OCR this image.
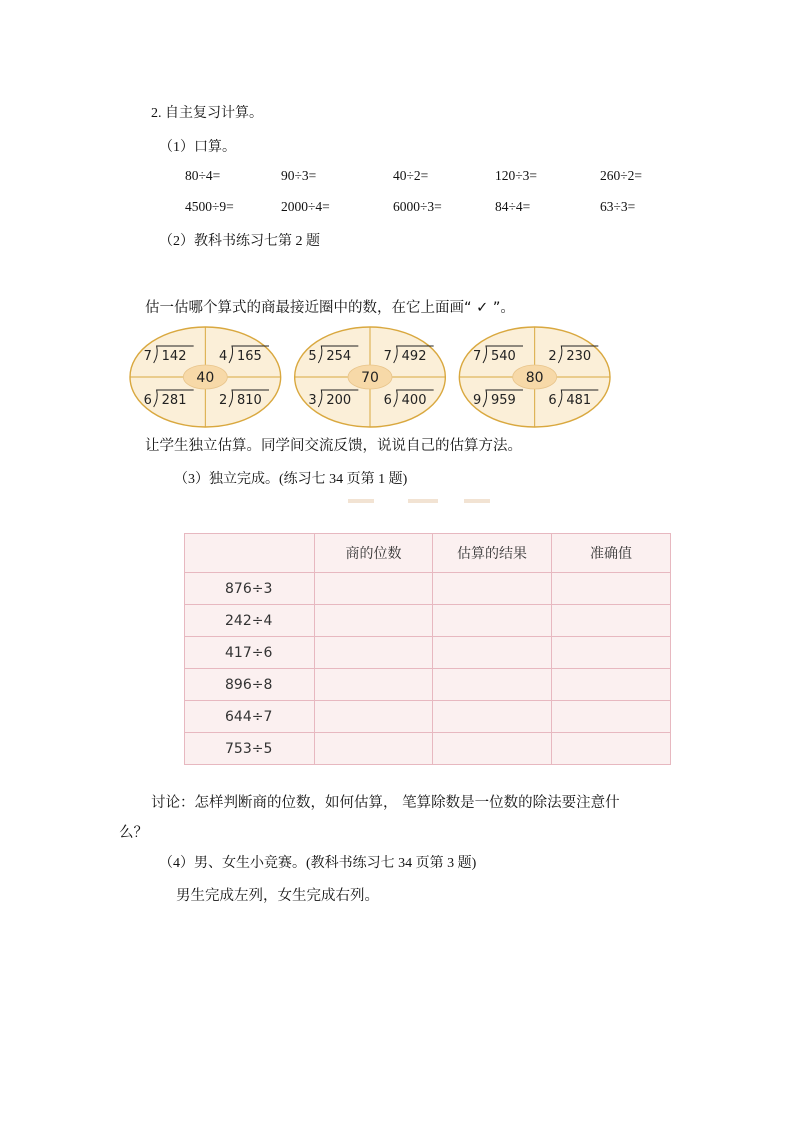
2. 自主复习计算。
（1）口算。
80÷4=	90÷3=	40÷2=	120÷3=	260÷2=
4500÷9=	2000÷4=	6000÷3=	84÷4=	63÷3=
（2）教科书练习七第 2 题
估一估哪个算式的商最接近圈中的数，在它上面画“ ✓ ”。
7 142	4 165
6 281	2 810
40
5 254	7 492
3 200	6 400
70
7 540	2 230
9 959	6 481
80
让学生独立估算。同学间交流反馈，说说自己的估算方法。
（3）独立完成。(练习七 34 页第 1 题)
	商的位数	估算的结果	准确值
876÷3			
242÷4			
417÷6			
896÷8			
644÷7			
753÷5			
讨论：怎样判断商的位数，如何估算， 笔算除数是一位数的除法要注意什
么？
（4）男、女生小竞赛。(教科书练习七 34 页第 3 题)
男生完成左列，女生完成右列。
